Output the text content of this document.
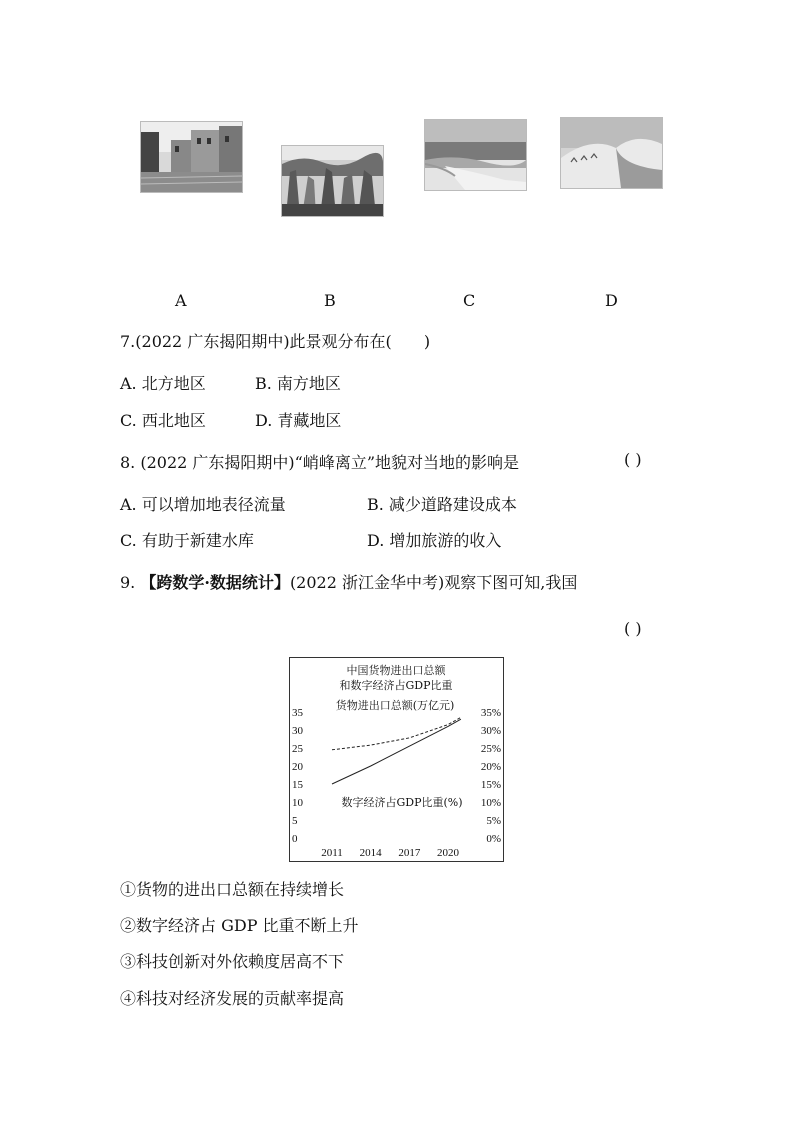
A	B	C	D
7.(2022 广东揭阳期中)此景观分布在( )
A. 北方地区	B. 南方地区
C. 西北地区	D. 青藏地区
8. (2022 广东揭阳期中)“峭峰离立”地貌对当地的影响是	( )
A. 可以增加地表径流量	B. 减少道路建设成本
C. 有助于新建水库	D. 增加旅游的收入
9. 【跨数学·数据统计】(2022 浙江金华中考)观察下图可知,我国
( )
中国货物进出口总额
和数字经济占GDP比重
35
30
25
20
15
10
5
0
35%
30%
25%
20%
15%
10%
5%
0%
2011 2014 2017 2020
货物进出口总额(万亿元)
数字经济占GDP比重(%)
①货物的进出口总额在持续增长
②数字经济占 GDP 比重不断上升
③科技创新对外依赖度居高不下
④科技对经济发展的贡献率提高
